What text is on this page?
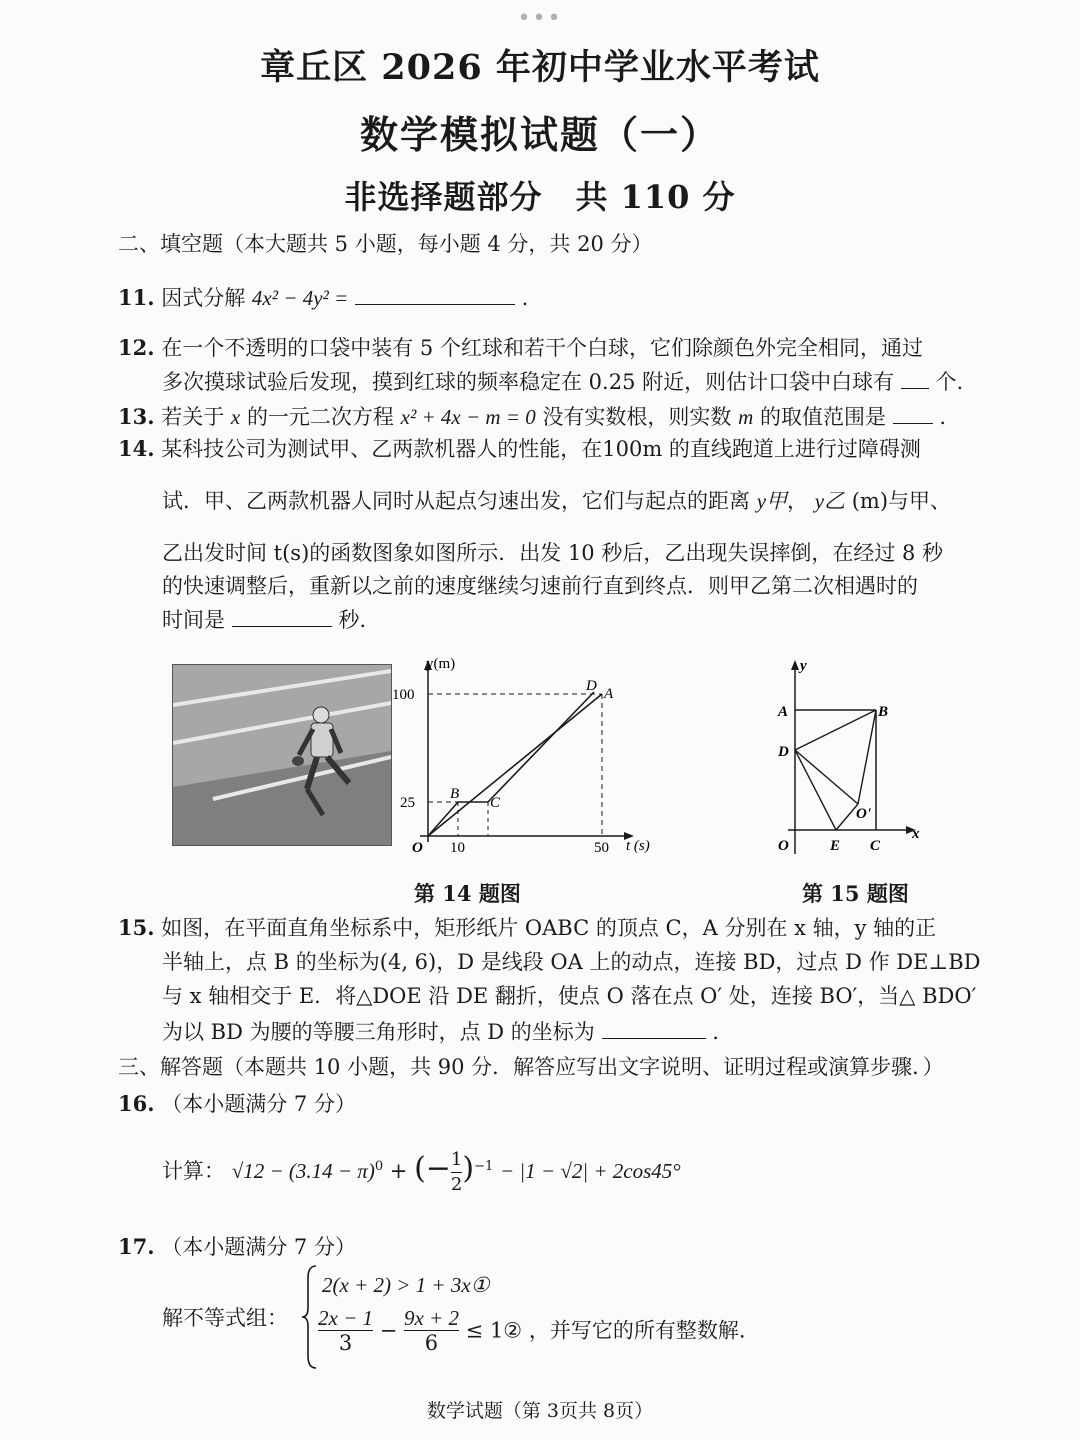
•••
章丘区 2026 年初中学业水平考试
数学模拟试题（一）
非选择题部分　共 110 分
二、填空题（本大题共 5 小题，每小题 4 分，共 20 分）
11. 因式分解 4x² − 4y² =	.
12. 在一个不透明的口袋中装有 5 个红球和若干个白球，它们除颜色外完全相同，通过
多次摸球试验后发现，摸到红球的频率稳定在 0.25 附近，则估计口袋中白球有 个.
13. 若关于 x 的一元二次方程 x² + 4x − m = 0 没有实数根，则实数 m 的取值范围是	.
14. 某科技公司为测试甲、乙两款机器人的性能，在100m 的直线跑道上进行过障碍测
试．甲、乙两款机器人同时从起点匀速出发，它们与起点的距离 y甲， y乙 (m)与甲、
乙出发时间 t(s)的函数图象如图所示．出发 10 秒后，乙出现失误摔倒，在经过 8 秒
的快速调整后，重新以之前的速度继续匀速前行直到终点．则甲乙第二次相遇时的
时间是	秒.
y(m)
t (s)
O
100
25
10	50
B
C
D A
y
x
A	B
D
O'
O	E C
第 14 题图	第 15 题图
15. 如图，在平面直角坐标系中，矩形纸片 OABC 的顶点 C，A 分别在 x 轴，y 轴的正
半轴上，点 B 的坐标为(4, 6)，D 是线段 OA 上的动点，连接 BD，过点 D 作 DE⊥BD
与 x 轴相交于 E．将△DOE 沿 DE 翻折，使点 O 落在点 O′ 处，连接 BO′，当△ BDO′
为以 BD 为腰的等腰三角形时，点 D 的坐标为	.
三、解答题（本题共 10 小题，共 90 分．解答应写出文字说明、证明过程或演算步骤．）
16. （本小题满分 7 分）
计算： $√12 - (3.14 - \pi)^0$ + (− $\frac{1}{2} )^{-1} - |1 - √2| + 2\cos 45^\circ$
17. （本小题满分 7 分）
解不等式组：
2(x + 2) > 1 + 3x①
$\frac{2x - 1}{3} - \frac{9x + 2}{6}$ ≤ 1② ，并写它的所有整数解.
数学试题（第 3页共 8页）
